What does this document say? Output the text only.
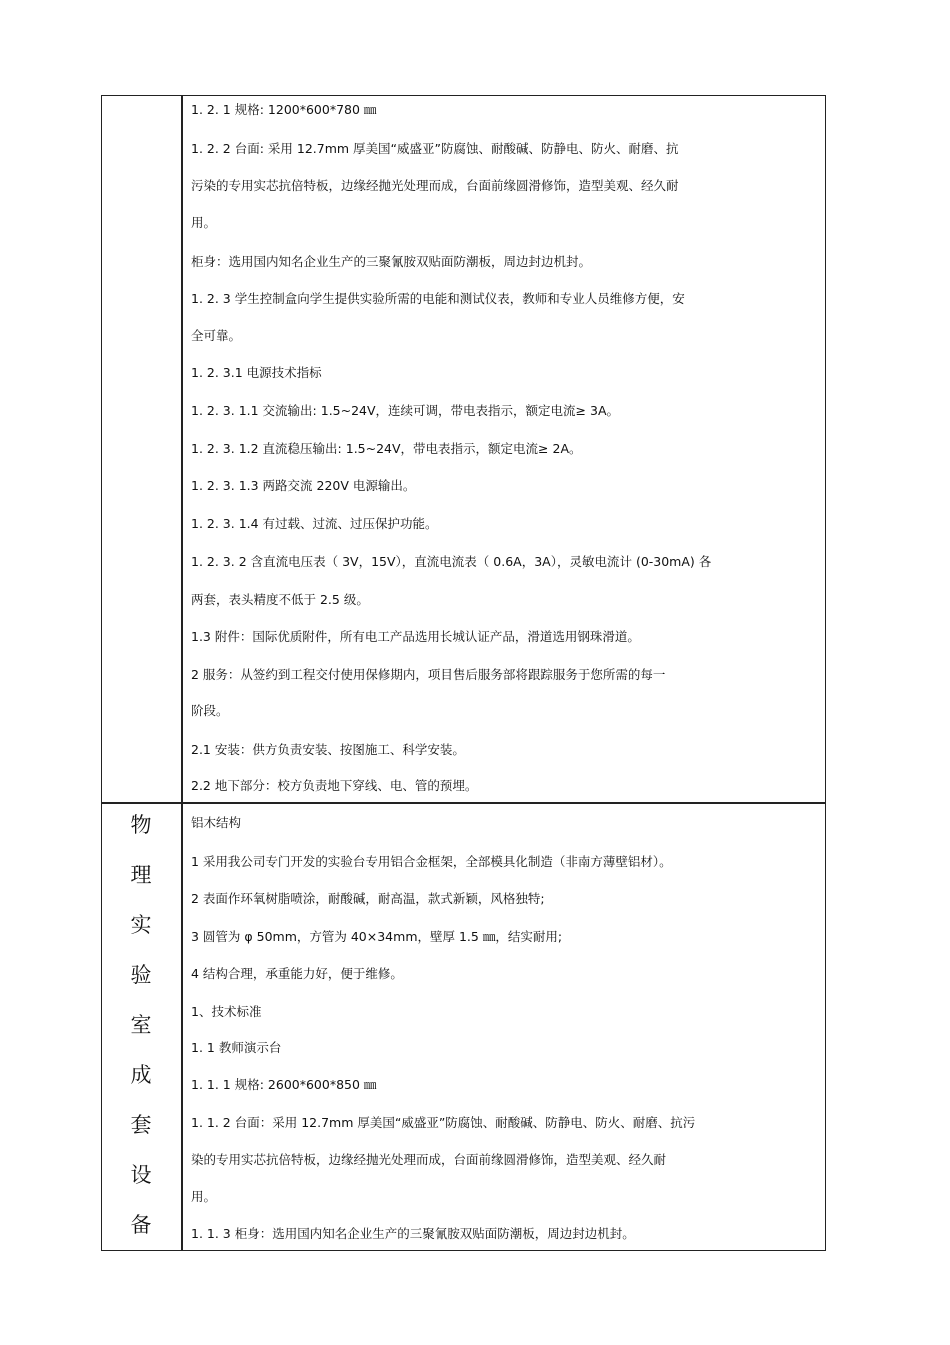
1. 2. 1 规格: 1200*600*780 ㎜
1. 2. 2 台面: 采用 12.7mm 厚美国“威盛亚”防腐蚀、耐酸碱、防静电、防火、耐磨、抗
污染的专用实芯抗倍特板，边缘经抛光处理而成，台面前缘圆滑修饰，造型美观、经久耐
用。
柜身：选用国内知名企业生产的三聚氰胺双贴面防潮板，周边封边机封。
1. 2. 3 学生控制盒向学生提供实验所需的电能和测试仪表，教师和专业人员维修方便，安
全可靠。
1. 2. 3.1 电源技术指标
1. 2. 3. 1.1 交流输出: 1.5~24V，连续可调，带电表指示，额定电流≥ 3A。
1. 2. 3. 1.2 直流稳压输出: 1.5~24V，带电表指示，额定电流≥ 2A。
1. 2. 3. 1.3 两路交流 220V 电源输出。
1. 2. 3. 1.4 有过载、过流、过压保护功能。
1. 2. 3. 2 含直流电压表（ 3V，15V），直流电流表（ 0.6A，3A），灵敏电流计 (0-30mA) 各
两套，表头精度不低于 2.5 级。
1.3 附件：国际优质附件，所有电工产品选用长城认证产品，滑道选用钢珠滑道。
2 服务：从签约到工程交付使用保修期内，项目售后服务部将跟踪服务于您所需的每一
阶段。
2.1 安装：供方负责安装、按图施工、科学安装。
2.2 地下部分：校方负责地下穿线、电、管的预埋。
物
理
实
验
室
成
套
设
备
铝木结构
1 采用我公司专门开发的实验台专用铝合金框架，全部模具化制造（非南方薄壁铝材）。
2 表面作环氧树脂喷涂，耐酸碱，耐高温，款式新颖，风格独特;
3 圆管为 φ 50mm，方管为 40×34mm，壁厚 1.5 ㎜，结实耐用;
4 结构合理，承重能力好，便于维修。
1、技术标准
1. 1 教师演示台
1. 1. 1 规格: 2600*600*850 ㎜
1. 1. 2 台面：采用 12.7mm 厚美国“威盛亚”防腐蚀、耐酸碱、防静电、防火、耐磨、抗污
染的专用实芯抗倍特板，边缘经抛光处理而成，台面前缘圆滑修饰，造型美观、经久耐
用。
1. 1. 3 柜身：选用国内知名企业生产的三聚氰胺双贴面防潮板，周边封边机封。
